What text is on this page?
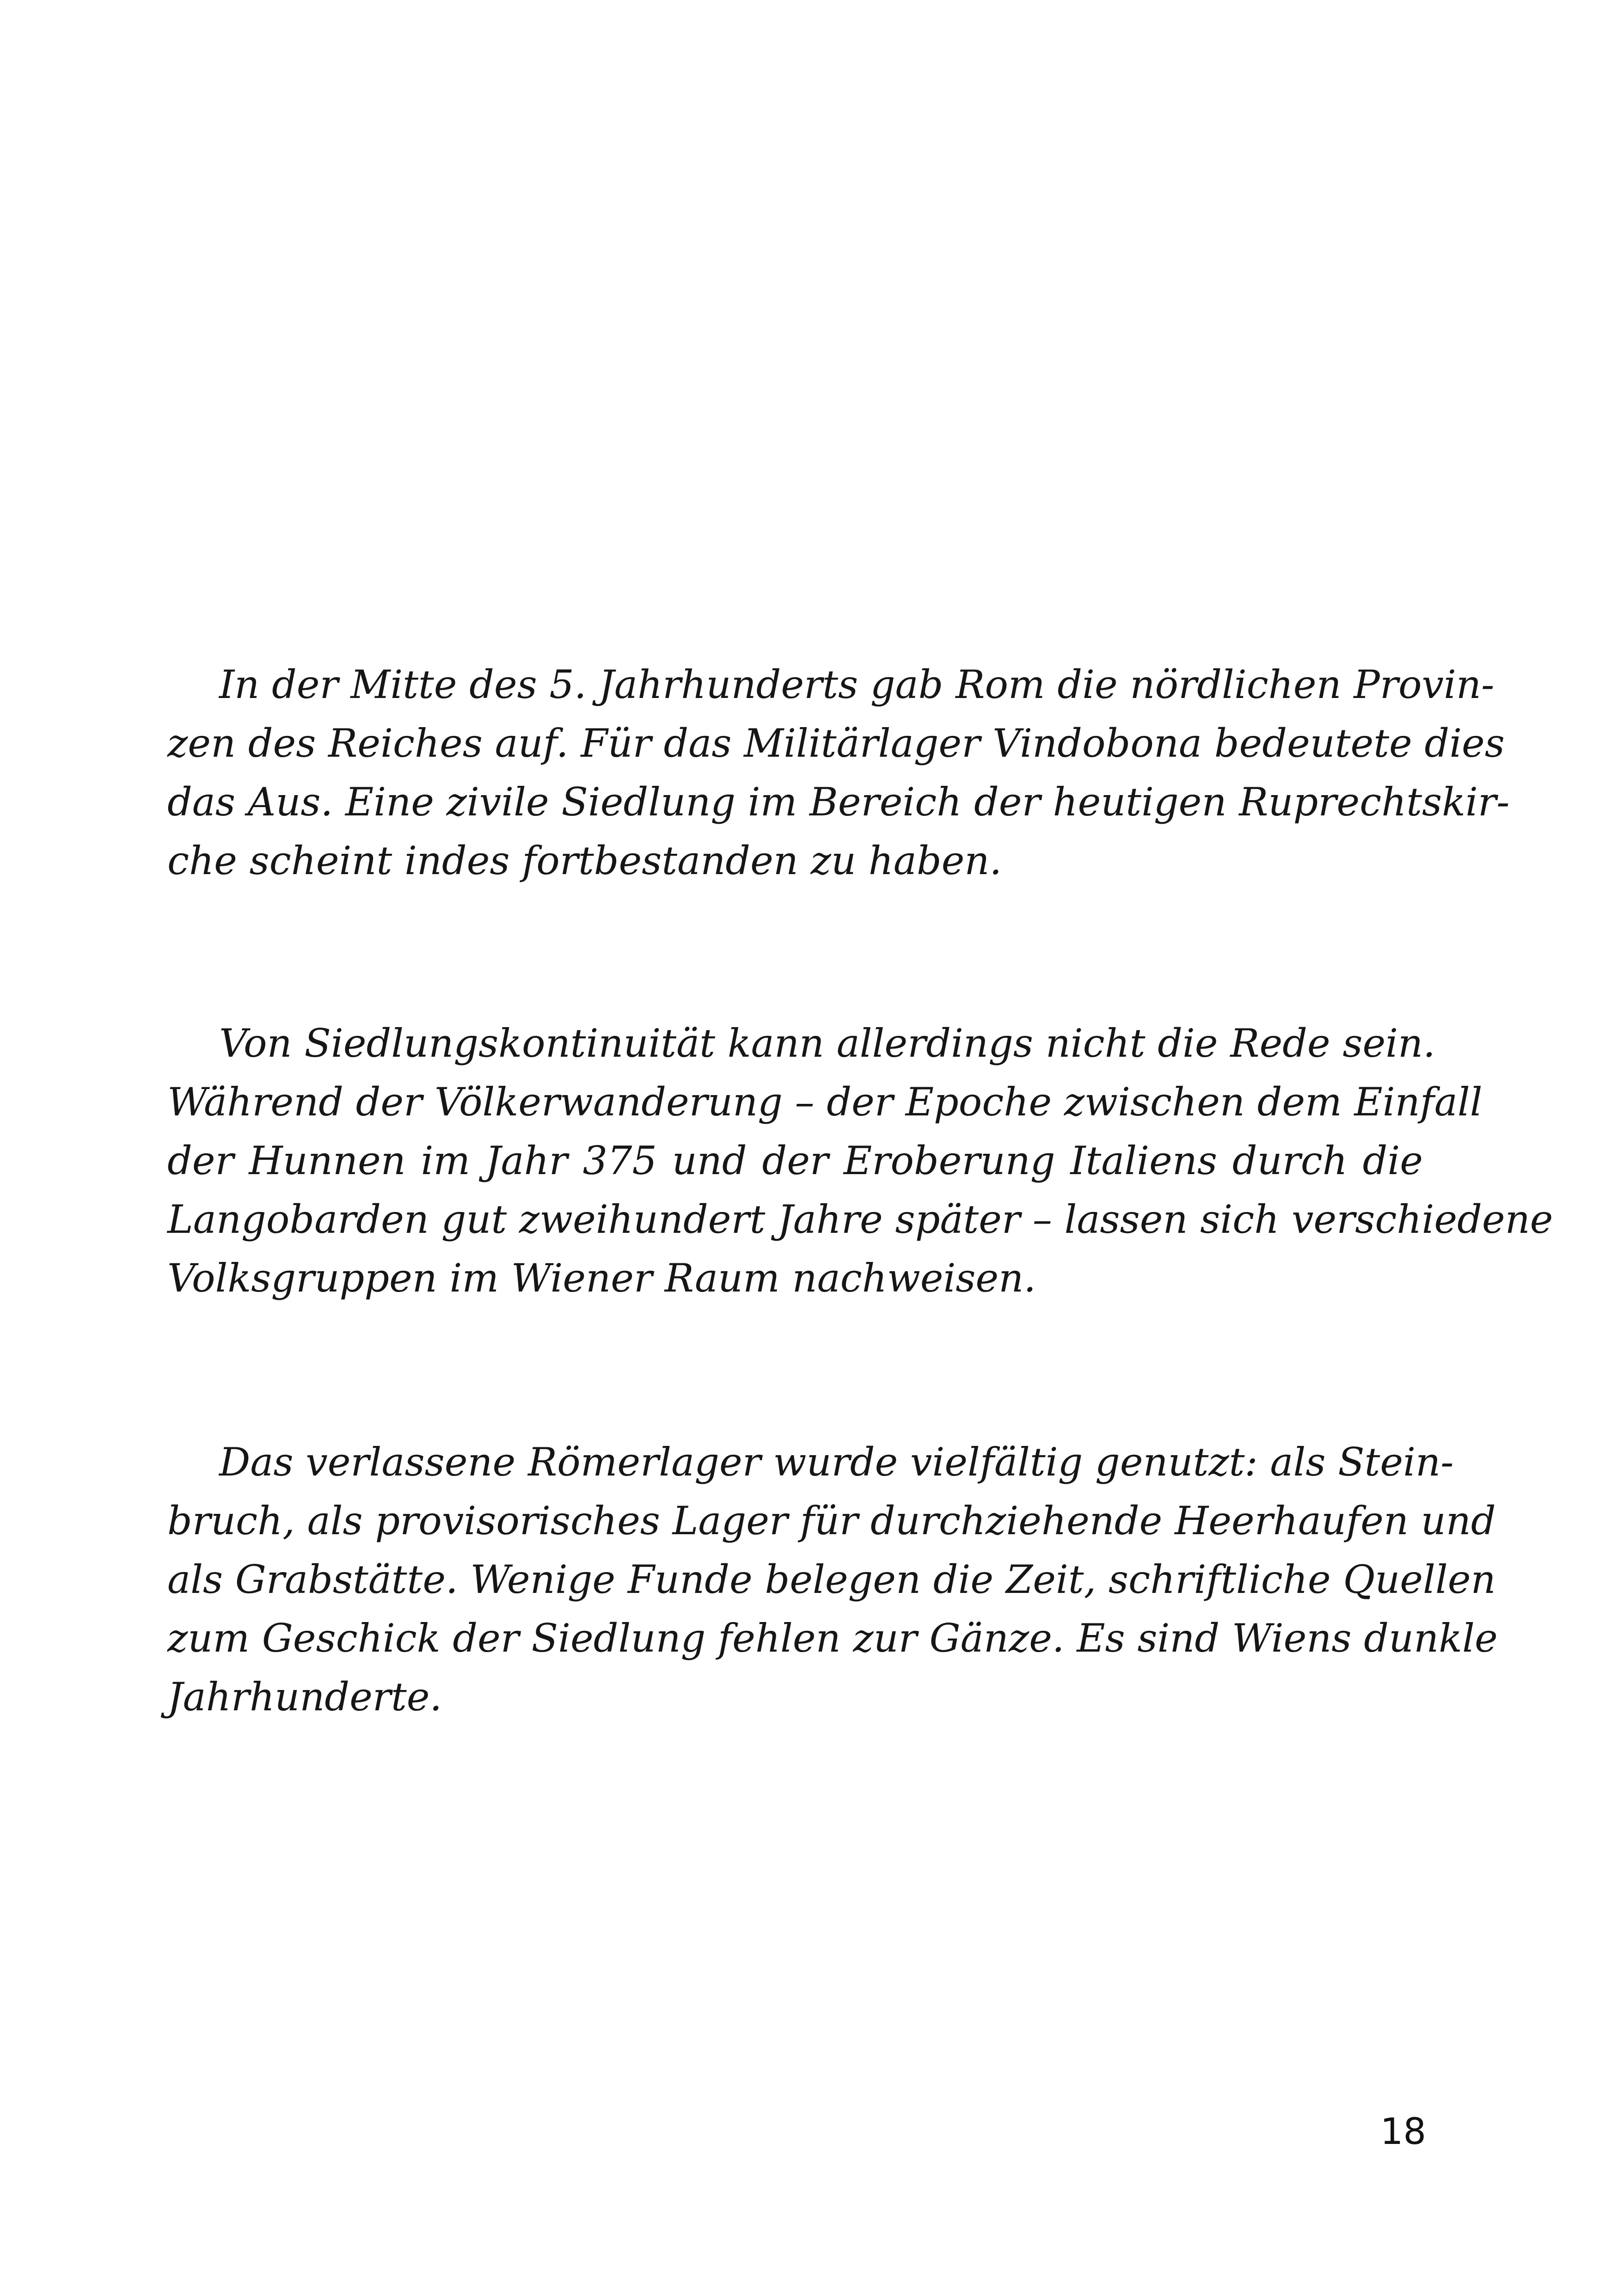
In der Mitte des 5. Jahrhunderts gab Rom die nördlichen Provin-
zen des Reiches auf. Für das Militärlager Vindobona bedeutete dies
das Aus. Eine zivile Siedlung im Bereich der heutigen Ruprechtskir-
che scheint indes fortbestanden zu haben.

Von Siedlungskontinuität kann allerdings nicht die Rede sein.
Während der Völkerwanderung – der Epoche zwischen dem Einfall
der Hunnen im Jahr 375 und der Eroberung Italiens durch die
Langobarden gut zweihundert Jahre später – lassen sich verschiedene
Volksgruppen im Wiener Raum nachweisen.

Das verlassene Römerlager wurde vielfältig genutzt: als Stein-
bruch, als provisorisches Lager für durchziehende Heerhaufen und
als Grabstätte. Wenige Funde belegen die Zeit, schriftliche Quellen
zum Geschick der Siedlung fehlen zur Gänze. Es sind Wiens dunkle
Jahrhunderte.

18
